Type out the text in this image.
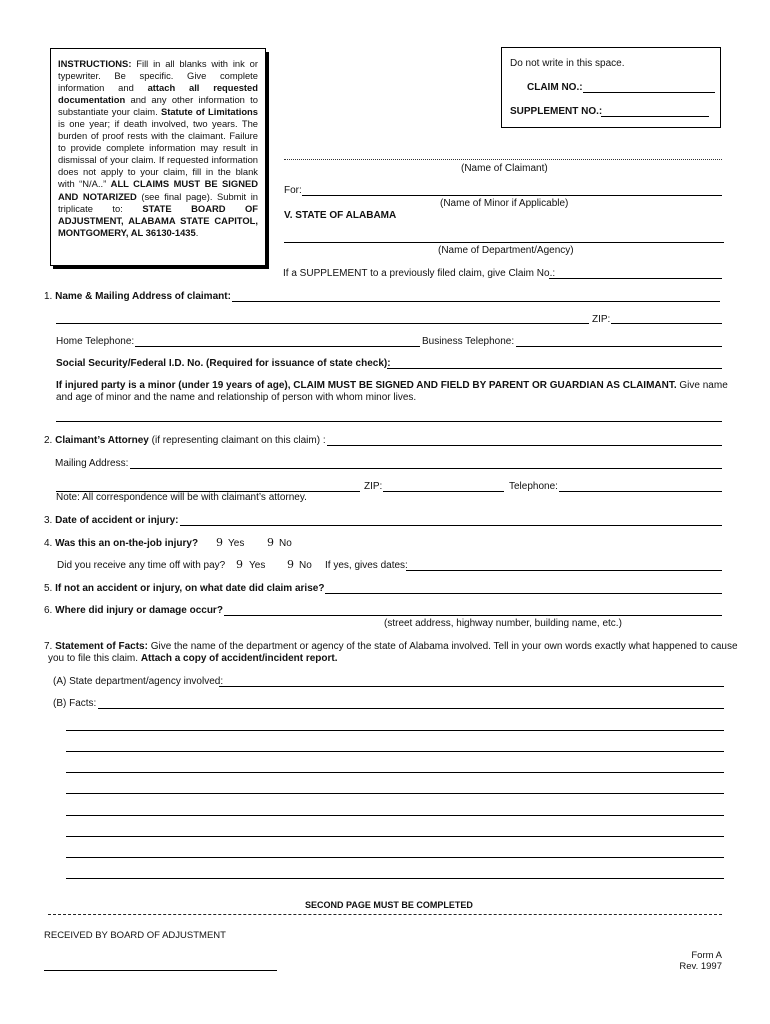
INSTRUCTIONS: Fill in all blanks with ink or typewriter. Be specific. Give complete information and attach all requested documentation and any other information to substantiate your claim. Statute of Limitations is one year; if death involved, two years. The burden of proof rests with the claimant. Failure to provide complete information may result in dismissal of your claim. If requested information does not apply to your claim, fill in the blank with “N/A..” ALL CLAIMS MUST BE SIGNED AND NOTARIZED (see final page). Submit in triplicate to: STATE BOARD OF ADJUSTMENT, ALABAMA STATE CAPITOL, MONTGOMERY, AL 36130-1435.
Do not write in this space.
CLAIM NO.:
SUPPLEMENT NO.:
(Name of Claimant)
For:
(Name of Minor if Applicable)
V. STATE OF ALABAMA
(Name of Department/Agency)
If a SUPPLEMENT to a previously filed claim, give Claim No.:
1. Name & Mailing Address of claimant:
ZIP:
Home Telephone:	Business Telephone:
Social Security/Federal I.D. No. (Required for issuance of state check):
If injured party is a minor (under 19 years of age), CLAIM MUST BE SIGNED AND FIELD BY PARENT OR GUARDIAN AS CLAIMANT. Give name
and age of minor and the name and relationship of person with whom minor lives.
2. Claimant’s Attorney (if representing claimant on this claim) :
Mailing Address:
ZIP:	Telephone:
Note: All correspondence will be with claimant’s attorney.
3. Date of accident or injury:
4. Was this an on-the-job injury? 9 Yes 9 No
Did you receive any time off with pay? 9 Yes 9 No If yes, gives dates:
5. If not an accident or injury, on what date did claim arise?
6. Where did injury or damage occur?
(street address, highway number, building name, etc.)
7. Statement of Facts: Give the name of the department or agency of the state of Alabama involved. Tell in your own words exactly what happened to cause
you to file this claim. Attach a copy of accident/incident report.
(A) State department/agency involved:
(B) Facts:
SECOND PAGE MUST BE COMPLETED
RECEIVED BY BOARD OF ADJUSTMENT
Form A
Rev. 1997
